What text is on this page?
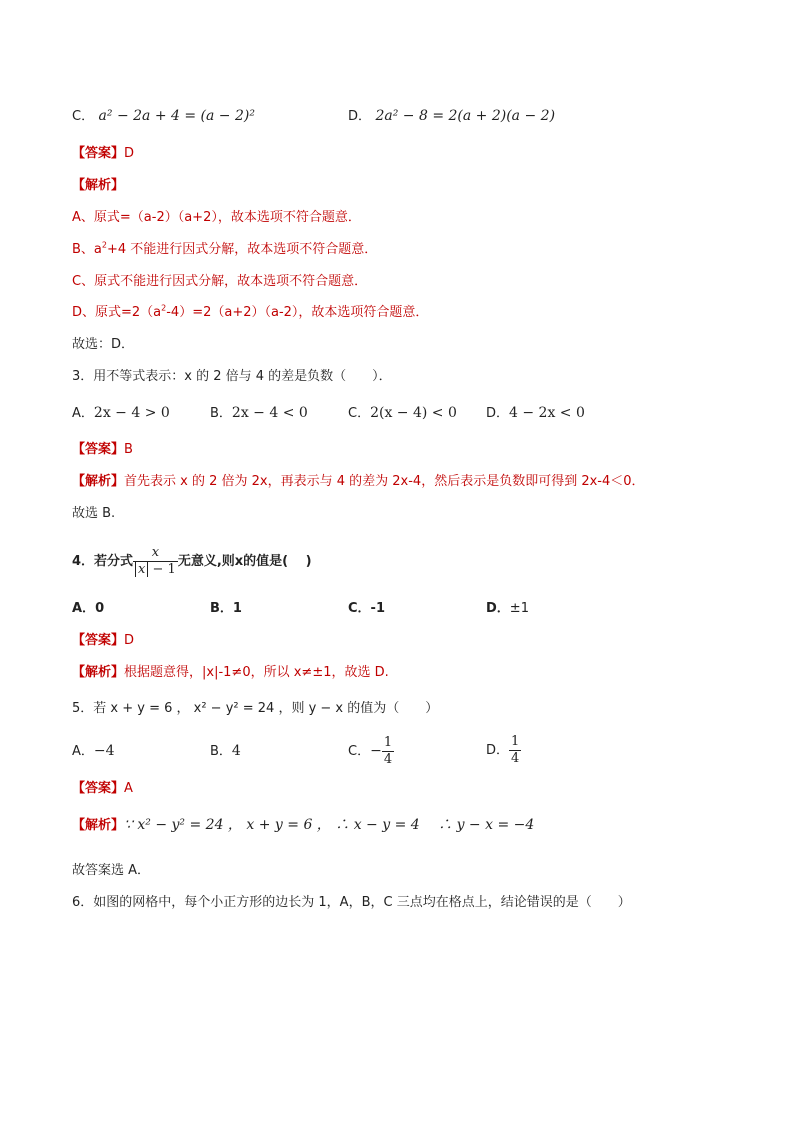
C． a² − 2a + 4 = (a − 2)²	D． 2a² − 8 = 2(a + 2)(a − 2)
【答案】D
【解析】
A、原式=（a-2）（a+2），故本选项不符合题意．
B、$a^2+4$ 不能进行因式分解，故本选项不符合题意．
C、原式不能进行因式分解，故本选项不符合题意．
D、原式$=2(a^2-4)=2(a+2)(a-2)$，故本选项符合题意．
故选：D．
3．用不等式表示：x 的 2 倍与 4 的差是负数（　　）．
A．2x − 4 > 0	B．2x − 4 < 0	C．2(x − 4) < 0 D．4 − 2x < 0
【答案】B
【解析】首先表示 x 的 2 倍为 2x，再表示与 4 的差为 2x-4，然后表示是负数即可得到 2x-4＜0．
故选 B.
4．若分式 $\frac{x}{x - 1}$ 无意义,则x的值是(　 )
A．0	B．1	C．-1	D．±1
【答案】D
【解析】根据题意得，|x|-1≠0，所以 x≠±1，故选 D.
5．若 x + y = 6 ， x² − y² = 24 ，则 y − x 的值为（　　）
A．−4	B．4	C．− $\frac{1}{4}$	D． $\frac{1}{4}$
【答案】A
【解析】∵ x² − y² = 24 ， x + y = 6 ， ∴ x − y = 4 　∴ y − x = −4
故答案选 A．
6．如图的网格中，每个小正方形的边长为 1，A，B，C 三点均在格点上，结论错误的是（　　）
